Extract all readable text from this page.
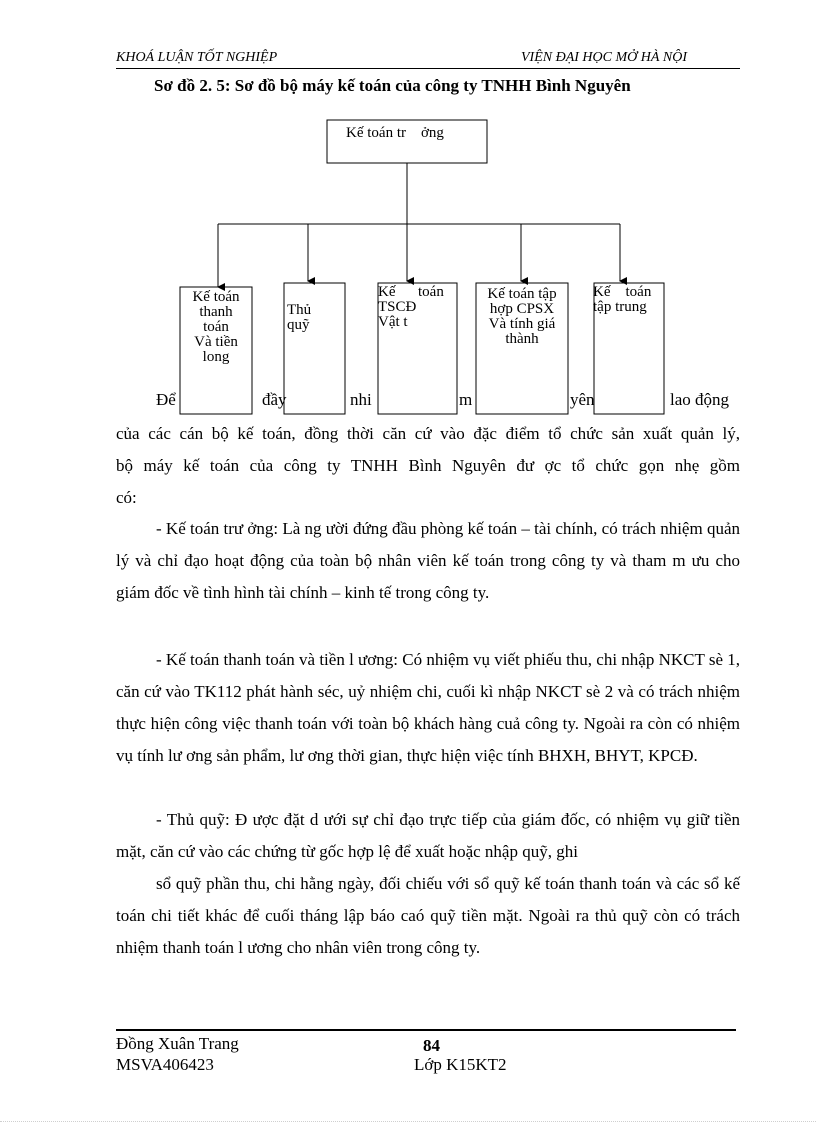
KHOÁ LUẬN TỐT NGHIỆP	VIỆN ĐẠI HỌC MỞ HÀ NỘI
Sơ đồ 2. 5: Sơ đồ bộ máy kế toán của công ty TNHH Bình Nguyên
Kế toán tr    ởng
Kế toán
thanh
toán
Và tiền
long
Thủ
quỹ
Kế      toán
TSCĐ
Vật t
Kế toán tập
hợp CPSX
Và tính giá
thành
Kế    toán
tập trung
Để	đầy	nhi	m	yên	lao động
của các cán bộ kế toán, đồng thời căn cứ vào đặc điểm tổ chức sản xuất quản lý,
bộ máy kế toán của công ty TNHH Bình Nguyên đư ợc tổ chức gọn nhẹ gồm
có:
- Kế toán trư ởng: Là ng ười đứng đầu phòng kế toán – tài chính, có trách nhiệm quản lý và chỉ đạo hoạt động của toàn bộ nhân viên kế toán trong công ty và tham m ưu cho giám đốc về tình hình tài chính – kinh tế trong công ty.
- Kế toán thanh toán và tiền l ương: Có nhiệm vụ viết phiếu thu, chi nhập NKCT sè 1, căn cứ vào TK112 phát hành séc, uỷ nhiệm chi, cuối kì nhập NKCT sè 2 và có trách nhiệm thực hiện công việc thanh toán với toàn bộ khách hàng cuả công ty. Ngoài ra còn có nhiệm vụ tính lư ơng sản phẩm, lư ơng thời gian, thực hiện việc tính BHXH, BHYT, KPCĐ.
- Thủ quỹ: Đ ược đặt d ưới sự chỉ đạo trực tiếp của giám đốc, có nhiệm vụ giữ tiền mặt, căn cứ vào các chứng từ gốc hợp lệ để xuất hoặc nhập quỹ, ghi
sổ quỹ phần thu, chi hằng ngày, đối chiếu với sổ quỹ kế toán thanh toán và các sổ kế toán chi tiết khác để cuối tháng lập báo caó quỹ tiền mặt. Ngoài ra thủ quỹ còn có trách nhiệm thanh toán l ương cho nhân viên trong công ty.
Đồng Xuân Trang	84
MSVA406423	Lớp K15KT2
